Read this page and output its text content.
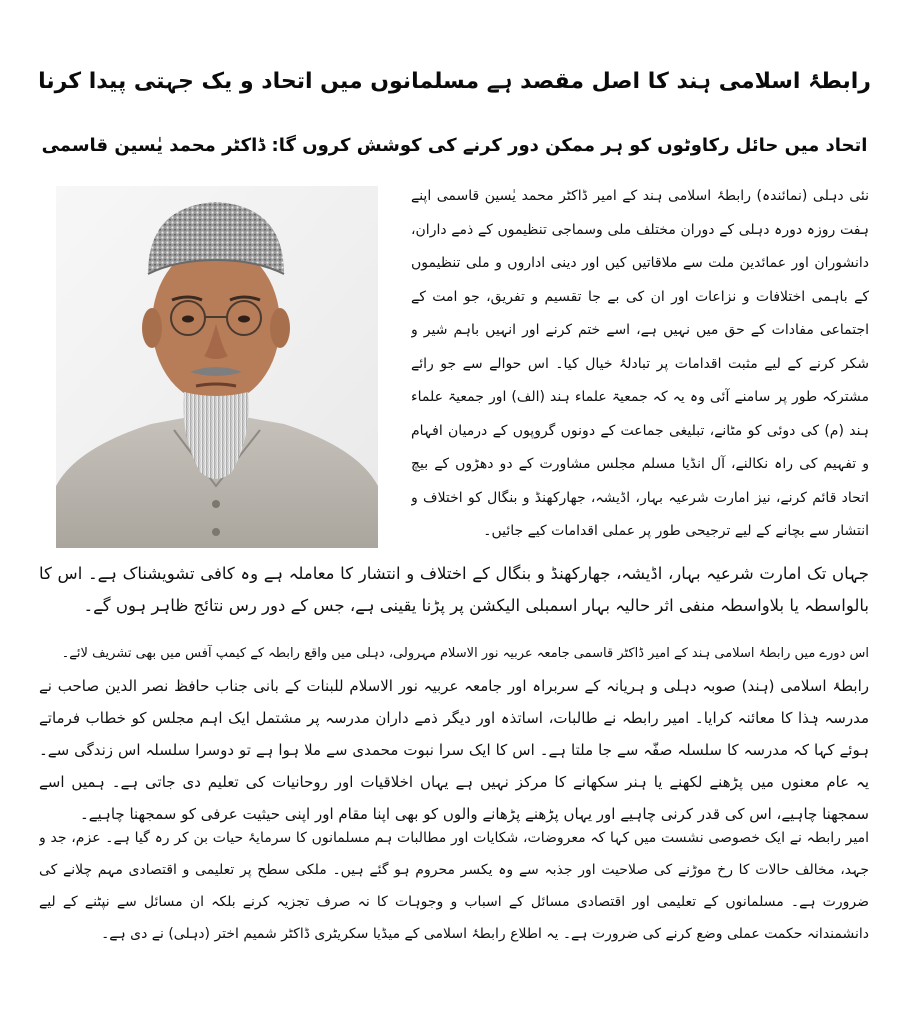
رابطۂ اسلامی ہند کا اصل مقصد ہے مسلمانوں میں اتحاد و یک جہتی پیدا کرنا
اتحاد میں حائل رکاوٹوں کو ہر ممکن دور کرنے کی کوشش کروں گا: ڈاکٹر محمد یٰسین قاسمی

نئی دہلی (نمائندہ) رابطۂ اسلامی ہند کے امیر ڈاکٹر محمد یٰسین قاسمی اپنے ہفت روزہ دورہ دہلی کے دوران مختلف ملی وسماجی تنظیموں کے ذمے داران، دانشوران اور عمائدین ملت سے ملاقاتیں کیں اور دینی اداروں و ملی تنظیموں کے باہمی اختلافات و نزاعات اور ان کی بے جا تقسیم و تفریق، جو امت کے اجتماعی مفادات کے حق میں نہیں ہے، اسے ختم کرنے اور انہیں باہم شیر و شکر کرنے کے لیے مثبت اقدامات پر تبادلۂ خیال کیا۔ اس حوالے سے جو رائے مشترکہ طور پر سامنے آئی وہ یہ کہ جمعیۃ علماء ہند (الف) اور جمعیۃ علماء ہند (م) کی دوئی کو مٹانے، تبلیغی جماعت کے دونوں گروپوں کے درمیان افہام و تفہیم کی راہ نکالنے، آل انڈیا مسلم مجلس مشاورت کے دو دھڑوں کے بیچ اتحاد قائم کرنے، نیز امارت شرعیہ بہار، اڈیشہ، جھارکھنڈ و بنگال کو اختلاف و انتشار سے بچانے کے لیے ترجیحی طور پر عملی اقدامات کیے جائیں۔

جہاں تک امارت شرعیہ بہار، اڈیشہ، جھارکھنڈ و بنگال کے اختلاف و انتشار کا معاملہ ہے وہ کافی تشویشناک ہے۔ اس کا بالواسطہ یا بلاواسطہ منفی اثر حالیہ بہار اسمبلی الیکشن پر پڑنا یقینی ہے، جس کے دور رس نتائج ظاہر ہوں گے۔

اس دورے میں رابطۂ اسلامی ہند کے امیر ڈاکٹر قاسمی جامعہ عربیہ نور الاسلام مہرولی، دہلی میں واقع رابطہ کے کیمپ آفس میں بھی تشریف لائے۔

رابطۂ اسلامی (ہند) صوبہ دہلی و ہریانہ کے سربراہ اور جامعہ عربیہ نور الاسلام للبنات کے بانی جناب حافظ نصر الدین صاحب نے مدرسہ ہٰذا کا معائنہ کرایا۔ امیر رابطہ نے طالبات، اساتذہ اور دیگر ذمے داران مدرسہ پر مشتمل ایک اہم مجلس کو خطاب فرماتے ہوئے کہا کہ مدرسہ کا سلسلہ صفّہ سے جا ملتا ہے۔ اس کا ایک سرا نبوت محمدی سے ملا ہوا ہے تو دوسرا سلسلہ اس زندگی سے۔ یہ عام معنوں میں پڑھنے لکھنے یا ہنر سکھانے کا مرکز نہیں ہے یہاں اخلاقیات اور روحانیات کی تعلیم دی جاتی ہے۔ ہمیں اسے سمجھنا چاہیے، اس کی قدر کرنی چاہیے اور یہاں پڑھنے پڑھانے والوں کو بھی اپنا مقام اور اپنی حیثیت عرفی کو سمجھنا چاہیے۔

امیر رابطہ نے ایک خصوصی نشست میں کہا کہ معروضات، شکایات اور مطالبات ہم مسلمانوں کا سرمایۂ حیات بن کر رہ گیا ہے۔ عزم، جد و جہد، مخالف حالات کا رخ موڑنے کی صلاحیت اور جذبہ سے وہ یکسر محروم ہو گئے ہیں۔ ملکی سطح پر تعلیمی و اقتصادی مہم چلانے کی ضرورت ہے۔ مسلمانوں کے تعلیمی اور اقتصادی مسائل کے اسباب و وجوہات کا نہ صرف تجزیہ کرنے بلکہ ان مسائل سے نپٹنے کے لیے دانشمندانہ حکمت عملی وضع کرنے کی ضرورت ہے۔ یہ اطلاع رابطۂ اسلامی کے میڈیا سکریٹری ڈاکٹر شمیم اختر (دہلی) نے دی ہے۔
